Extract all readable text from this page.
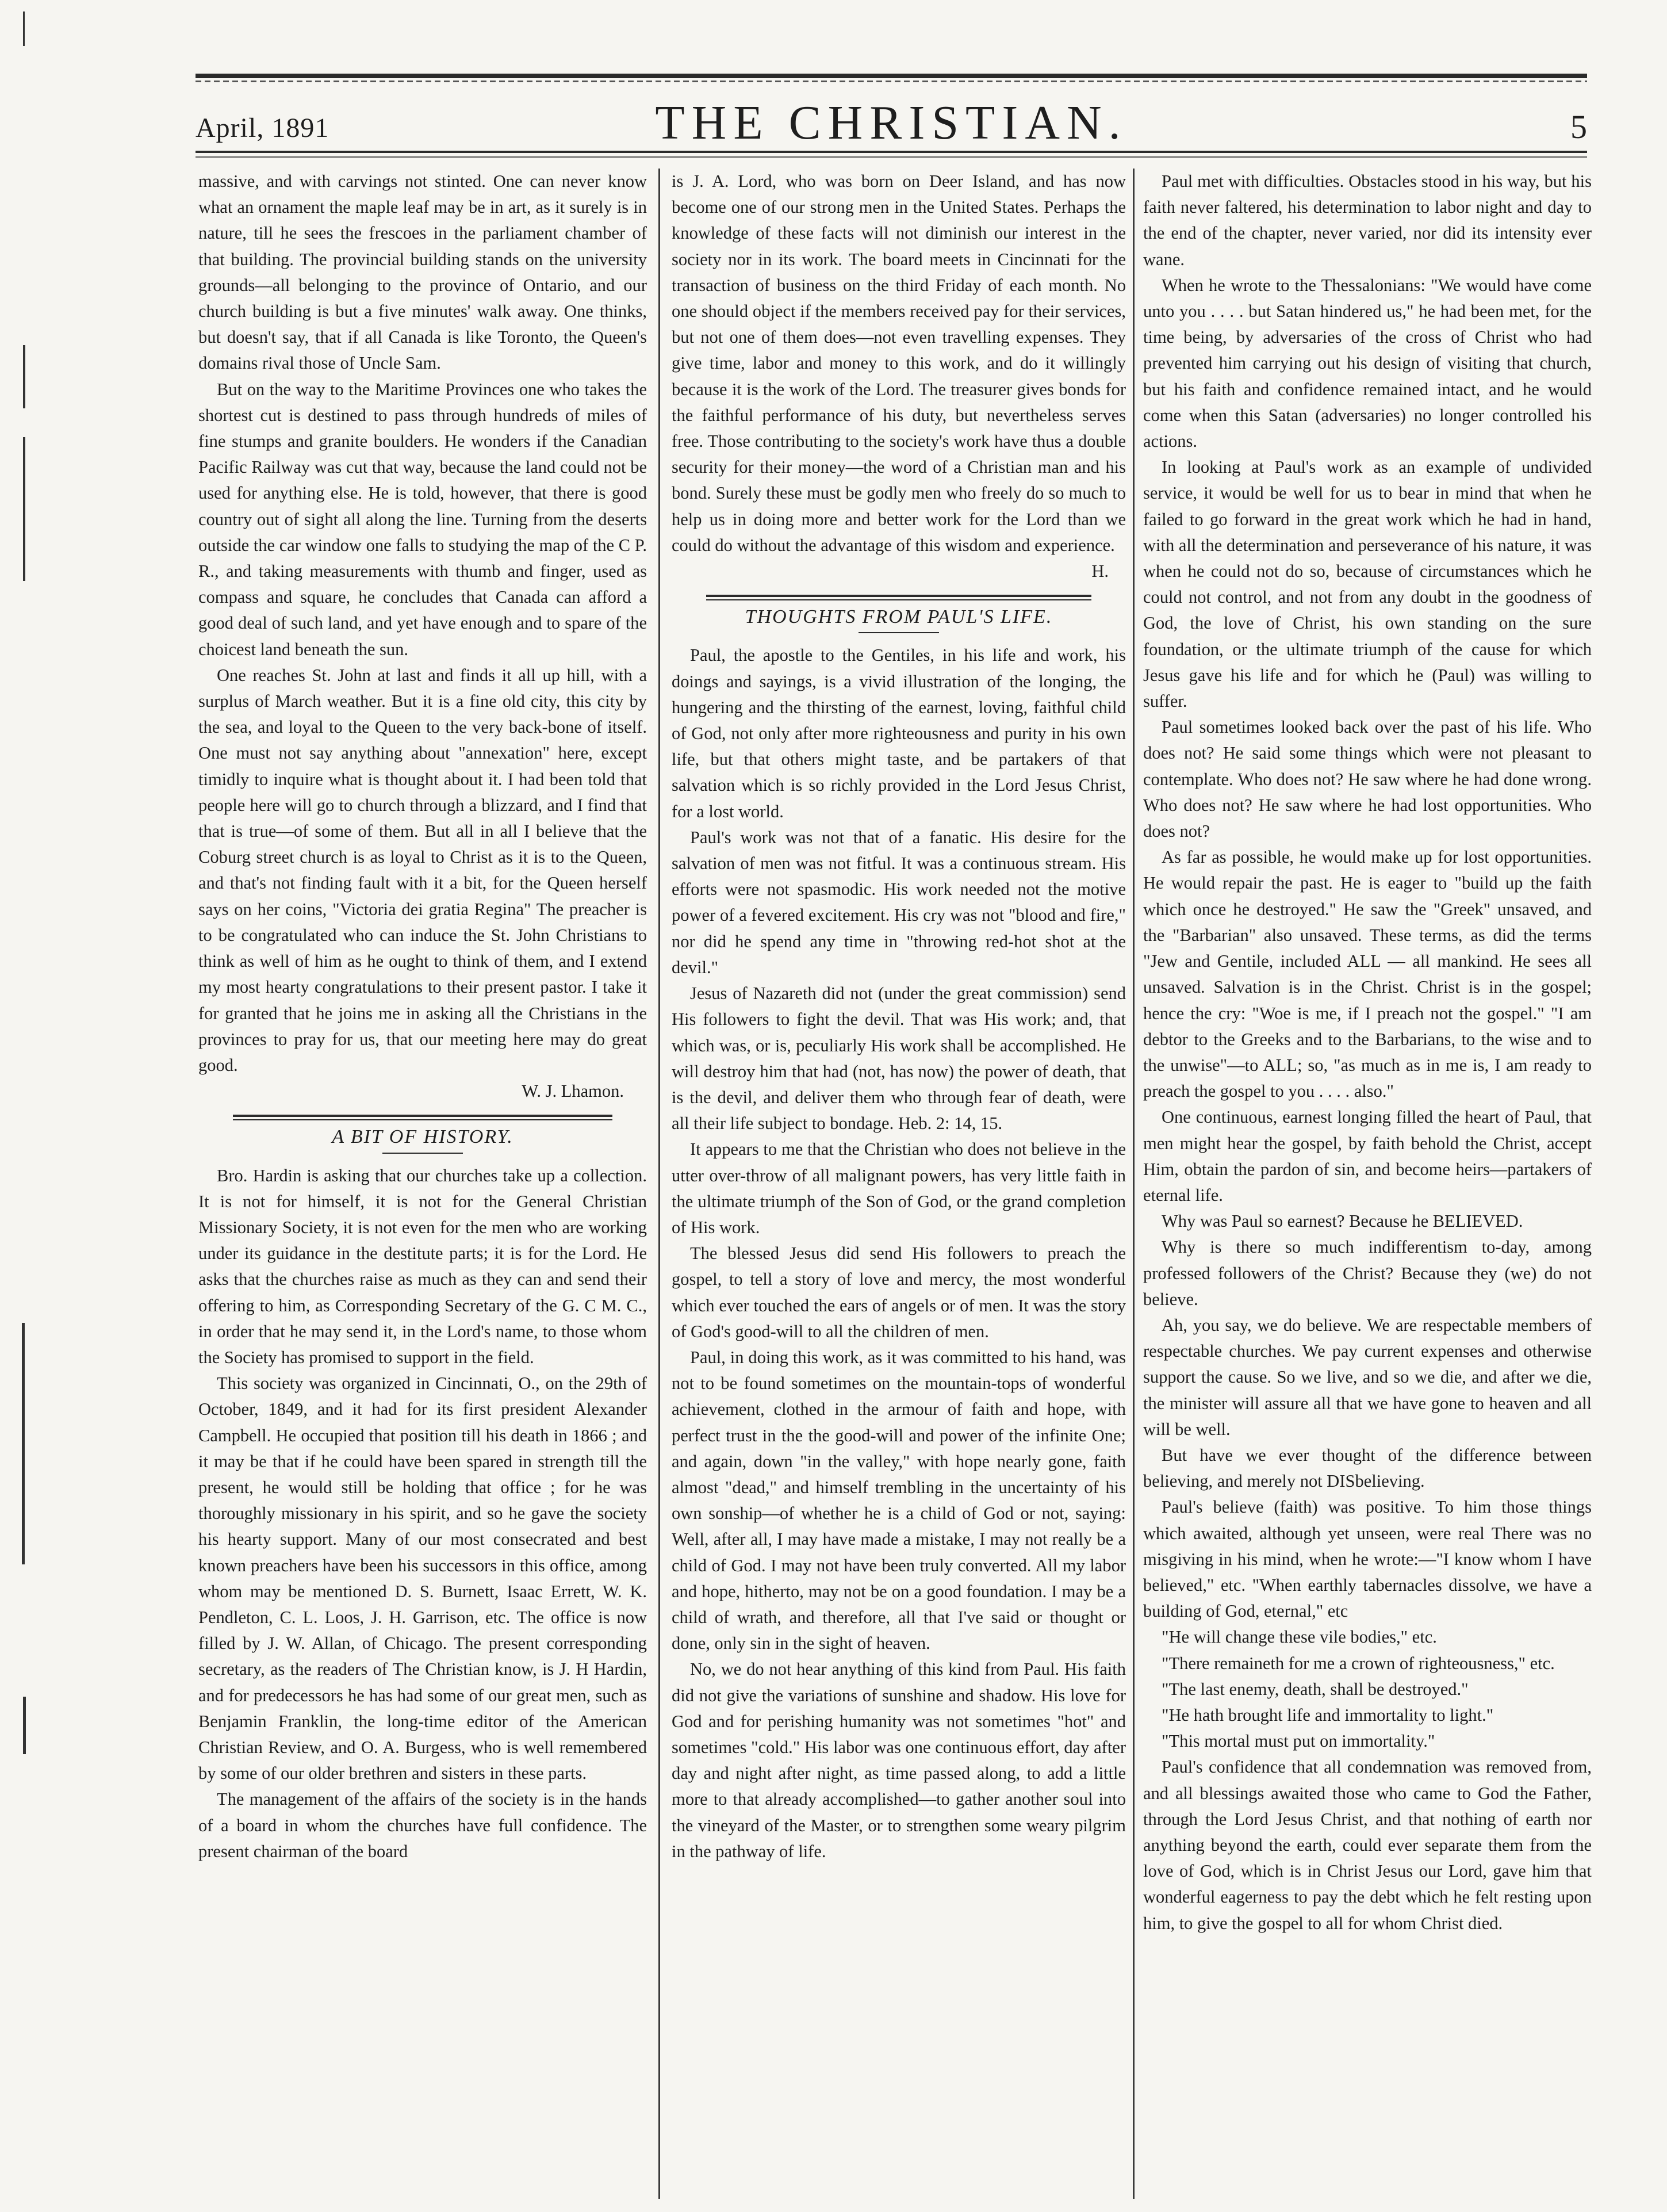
April, 1891	THE CHRISTIAN.	5

massive, and with carvings not stinted. One can never know what an ornament the maple leaf may be in art, as it surely is in nature, till he sees the frescoes in the parliament chamber of that building. The provincial building stands on the university grounds—all belonging to the province of Ontario, and our church building is but a five minutes' walk away. One thinks, but doesn't say, that if all Canada is like Toronto, the Queen's domains rival those of Uncle Sam.

But on the way to the Maritime Provinces one who takes the shortest cut is destined to pass through hundreds of miles of fine stumps and granite boulders. He wonders if the Canadian Pacific Railway was cut that way, because the land could not be used for anything else. He is told, however, that there is good country out of sight all along the line. Turning from the deserts outside the car window one falls to studying the map of the C P. R., and taking measurements with thumb and finger, used as compass and square, he concludes that Canada can afford a good deal of such land, and yet have enough and to spare of the choicest land beneath the sun.

One reaches St. John at last and finds it all up hill, with a surplus of March weather. But it is a fine old city, this city by the sea, and loyal to the Queen to the very back-bone of itself. One must not say anything about "annexation" here, except timidly to inquire what is thought about it. I had been told that people here will go to church through a blizzard, and I find that that is true—of some of them. But all in all I believe that the Coburg street church is as loyal to Christ as it is to the Queen, and that's not finding fault with it a bit, for the Queen herself says on her coins, "Victoria dei gratia Regina" The preacher is to be congratulated who can induce the St. John Christians to think as well of him as he ought to think of them, and I extend my most hearty congratulations to their present pastor. I take it for granted that he joins me in asking all the Christians in the provinces to pray for us, that our meeting here may do great good.

W. J. Lhamon.

A BIT OF HISTORY.

Bro. Hardin is asking that our churches take up a collection. It is not for himself, it is not for the General Christian Missionary Society, it is not even for the men who are working under its guidance in the destitute parts; it is for the Lord. He asks that the churches raise as much as they can and send their offering to him, as Corresponding Secretary of the G. C M. C., in order that he may send it, in the Lord's name, to those whom the Society has promised to support in the field.

This society was organized in Cincinnati, O., on the 29th of October, 1849, and it had for its first president Alexander Campbell. He occupied that position till his death in 1866 ; and it may be that if he could have been spared in strength till the present, he would still be holding that office ; for he was thoroughly missionary in his spirit, and so he gave the society his hearty support. Many of our most consecrated and best known preachers have been his successors in this office, among whom may be mentioned D. S. Burnett, Isaac Errett, W. K. Pendleton, C. L. Loos, J. H. Garrison, etc. The office is now filled by J. W. Allan, of Chicago. The present corresponding secretary, as the readers of The Christian know, is J. H Hardin, and for predecessors he has had some of our great men, such as Benjamin Franklin, the long-time editor of the American Christian Review, and O. A. Burgess, who is well remembered by some of our older brethren and sisters in these parts.

The management of the affairs of the society is in the hands of a board in whom the churches have full confidence. The present chairman of the board

is J. A. Lord, who was born on Deer Island, and has now become one of our strong men in the United States. Perhaps the knowledge of these facts will not diminish our interest in the society nor in its work. The board meets in Cincinnati for the transaction of business on the third Friday of each month. No one should object if the members received pay for their services, but not one of them does—not even travelling expenses. They give time, labor and money to this work, and do it willingly because it is the work of the Lord. The treasurer gives bonds for the faithful performance of his duty, but nevertheless serves free. Those contributing to the society's work have thus a double security for their money—the word of a Christian man and his bond. Surely these must be godly men who freely do so much to help us in doing more and better work for the Lord than we could do without the advantage of this wisdom and experience.

H.

THOUGHTS FROM PAUL'S LIFE.

Paul, the apostle to the Gentiles, in his life and work, his doings and sayings, is a vivid illustration of the longing, the hungering and the thirsting of the earnest, loving, faithful child of God, not only after more righteousness and purity in his own life, but that others might taste, and be partakers of that salvation which is so richly provided in the Lord Jesus Christ, for a lost world.

Paul's work was not that of a fanatic. His desire for the salvation of men was not fitful. It was a continuous stream. His efforts were not spasmodic. His work needed not the motive power of a fevered excitement. His cry was not "blood and fire," nor did he spend any time in "throwing red-hot shot at the devil."

Jesus of Nazareth did not (under the great commission) send His followers to fight the devil. That was His work; and, that which was, or is, peculiarly His work shall be accomplished. He will destroy him that had (not, has now) the power of death, that is the devil, and deliver them who through fear of death, were all their life subject to bondage. Heb. 2: 14, 15.

It appears to me that the Christian who does not believe in the utter over-throw of all malignant powers, has very little faith in the ultimate triumph of the Son of God, or the grand completion of His work.

The blessed Jesus did send His followers to preach the gospel, to tell a story of love and mercy, the most wonderful which ever touched the ears of angels or of men. It was the story of God's good-will to all the children of men.

Paul, in doing this work, as it was committed to his hand, was not to be found sometimes on the mountain-tops of wonderful achievement, clothed in the armour of faith and hope, with perfect trust in the the good-will and power of the infinite One; and again, down "in the valley," with hope nearly gone, faith almost "dead," and himself trembling in the uncertainty of his own sonship—of whether he is a child of God or not, saying: Well, after all, I may have made a mistake, I may not really be a child of God. I may not have been truly converted. All my labor and hope, hitherto, may not be on a good foundation. I may be a child of wrath, and therefore, all that I've said or thought or done, only sin in the sight of heaven.

No, we do not hear anything of this kind from Paul. His faith did not give the variations of sunshine and shadow. His love for God and for perishing humanity was not sometimes "hot" and sometimes "cold." His labor was one continuous effort, day after day and night after night, as time passed along, to add a little more to that already accomplished—to gather another soul into the vineyard of the Master, or to strengthen some weary pilgrim in the pathway of life.

Paul met with difficulties. Obstacles stood in his way, but his faith never faltered, his determination to labor night and day to the end of the chapter, never varied, nor did its intensity ever wane.

When he wrote to the Thessalonians: "We would have come unto you . . . . but Satan hindered us," he had been met, for the time being, by adversaries of the cross of Christ who had prevented him carrying out his design of visiting that church, but his faith and confidence remained intact, and he would come when this Satan (adversaries) no longer controlled his actions.

In looking at Paul's work as an example of undivided service, it would be well for us to bear in mind that when he failed to go forward in the great work which he had in hand, with all the determination and perseverance of his nature, it was when he could not do so, because of circumstances which he could not control, and not from any doubt in the goodness of God, the love of Christ, his own standing on the sure foundation, or the ultimate triumph of the cause for which Jesus gave his life and for which he (Paul) was willing to suffer.

Paul sometimes looked back over the past of his life. Who does not? He said some things which were not pleasant to contemplate. Who does not? He saw where he had done wrong. Who does not? He saw where he had lost opportunities. Who does not?

As far as possible, he would make up for lost opportunities. He would repair the past. He is eager to "build up the faith which once he destroyed." He saw the "Greek" unsaved, and the "Barbarian" also unsaved. These terms, as did the terms "Jew and Gentile, included ALL — all mankind. He sees all unsaved. Salvation is in the Christ. Christ is in the gospel; hence the cry: "Woe is me, if I preach not the gospel." "I am debtor to the Greeks and to the Barbarians, to the wise and to the unwise"—to ALL; so, "as much as in me is, I am ready to preach the gospel to you . . . . also."

One continuous, earnest longing filled the heart of Paul, that men might hear the gospel, by faith behold the Christ, accept Him, obtain the pardon of sin, and become heirs—partakers of eternal life.

Why was Paul so earnest? Because he BELIEVED.

Why is there so much indifferentism to-day, among professed followers of the Christ? Because they (we) do not believe.

Ah, you say, we do believe. We are respectable members of respectable churches. We pay current expenses and otherwise support the cause. So we live, and so we die, and after we die, the minister will assure all that we have gone to heaven and all will be well.

But have we ever thought of the difference between believing, and merely not DISbelieving.

Paul's believe (faith) was positive. To him those things which awaited, although yet unseen, were real There was no misgiving in his mind, when he wrote:—"I know whom I have believed," etc. "When earthly tabernacles dissolve, we have a building of God, eternal," etc

"He will change these vile bodies," etc.

"There remaineth for me a crown of righteousness," etc.

"The last enemy, death, shall be destroyed."

"He hath brought life and immortality to light."

"This mortal must put on immortality."

Paul's confidence that all condemnation was removed from, and all blessings awaited those who came to God the Father, through the Lord Jesus Christ, and that nothing of earth nor anything beyond the earth, could ever separate them from the love of God, which is in Christ Jesus our Lord, gave him that wonderful eagerness to pay the debt which he felt resting upon him, to give the gospel to all for whom Christ died.
